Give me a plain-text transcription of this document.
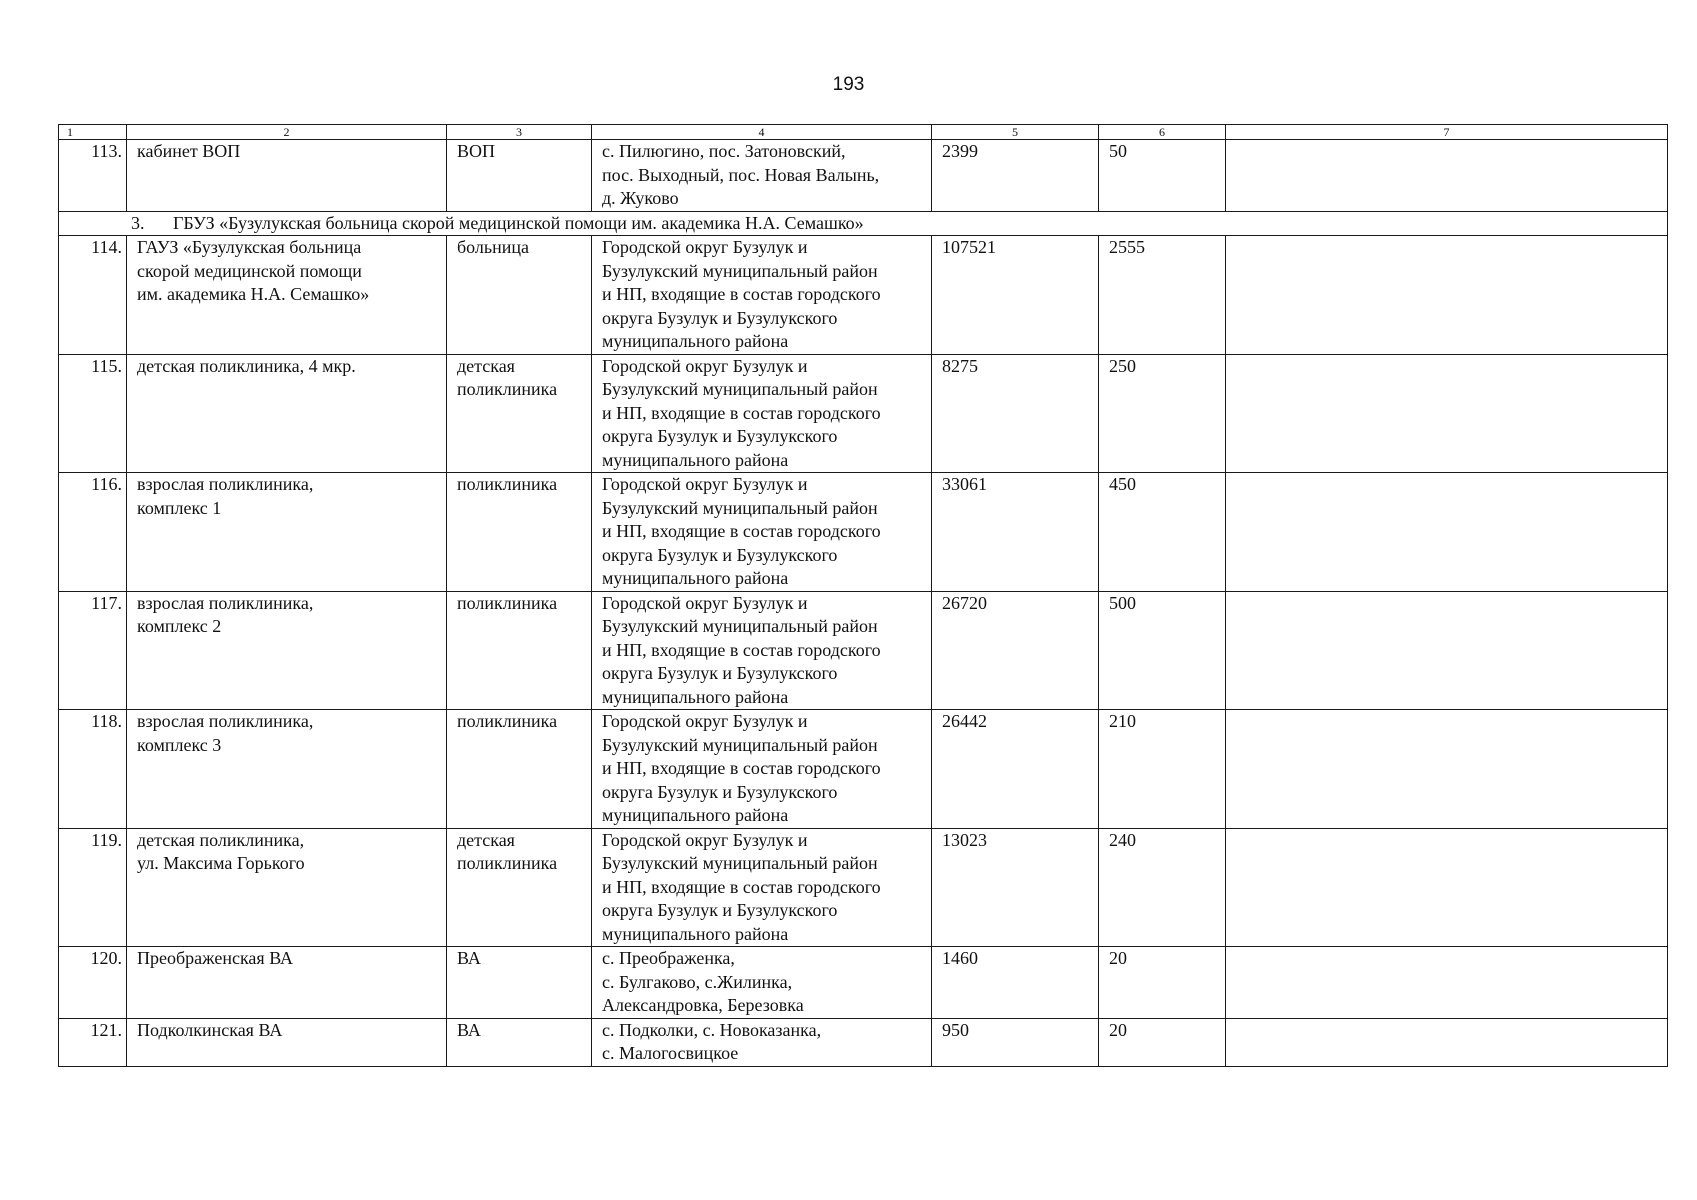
193
1	2	3	4	5	6	7
113.	кабинет ВОП	ВОП	с. Пилюгино, пос. Затоновский,
пос. Выходный, пос. Новая Валынь,
д. Жуково	2399	50	
3. ГБУЗ «Бузулукская больница скорой медицинской помощи им. академика Н.А. Семашко»						
114.	ГАУЗ «Бузулукская больница
скорой медицинской помощи
им. академика Н.А. Семашко»	больница	Городской округ Бузулук и
Бузулукский муниципальный район
и НП, входящие в состав городского
округа Бузулук и Бузулукского
муниципального района	107521	2555	
115.	детская поликлиника, 4 мкр.	детская
поликлиника	Городской округ Бузулук и
Бузулукский муниципальный район
и НП, входящие в состав городского
округа Бузулук и Бузулукского
муниципального района	8275	250	
116.	взрослая поликлиника,
комплекс 1	поликлиника	Городской округ Бузулук и
Бузулукский муниципальный район
и НП, входящие в состав городского
округа Бузулук и Бузулукского
муниципального района	33061	450	
117.	взрослая поликлиника,
комплекс 2	поликлиника	Городской округ Бузулук и
Бузулукский муниципальный район
и НП, входящие в состав городского
округа Бузулук и Бузулукского
муниципального района	26720	500	
118.	взрослая поликлиника,
комплекс 3	поликлиника	Городской округ Бузулук и
Бузулукский муниципальный район
и НП, входящие в состав городского
округа Бузулук и Бузулукского
муниципального района	26442	210	
119.	детская поликлиника,
ул. Максима Горького	детская
поликлиника	Городской округ Бузулук и
Бузулукский муниципальный район
и НП, входящие в состав городского
округа Бузулук и Бузулукского
муниципального района	13023	240	
120.	Преображенская ВА	ВА	с. Преображенка,
с. Булгаково, с.Жилинка,
Александровка, Березовка	1460	20	
121.	Подколкинская ВА	ВА	с. Подколки, с. Новоказанка,
с. Малогосвицкое	950	20	
